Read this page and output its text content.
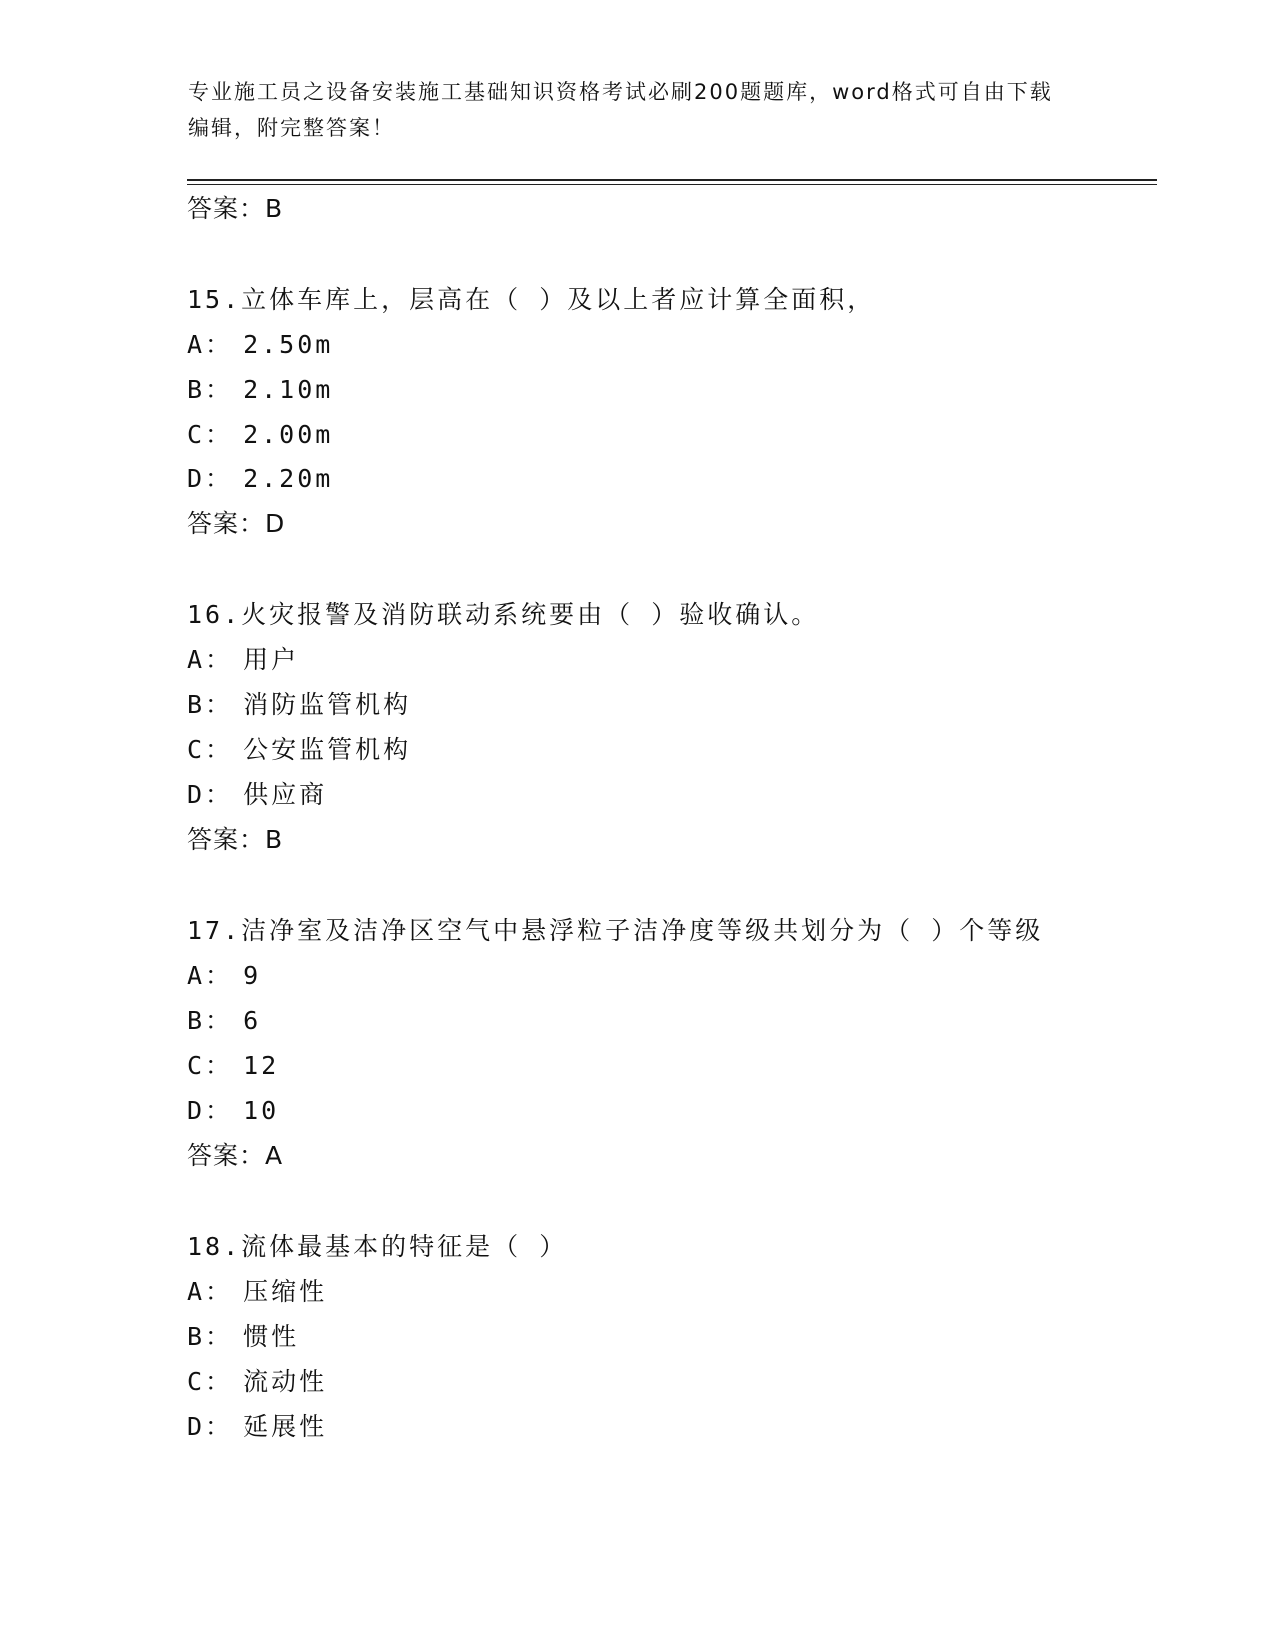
专业施工员之设备安装施工基础知识资格考试必刷200题题库，word格式可自由下载编辑，附完整答案！
答案：B
15.立体车库上，层高在（ ）及以上者应计算全面积，
A： 2.50m
B： 2.10m
C： 2.00m
D： 2.20m
答案：D
16.火灾报警及消防联动系统要由（ ）验收确认。
A： 用户
B： 消防监管机构
C： 公安监管机构
D： 供应商
答案：B
17.洁净室及洁净区空气中悬浮粒子洁净度等级共划分为（ ）个等级
A： 9
B： 6
C： 12
D： 10
答案：A
18.流体最基本的特征是（ ）
A： 压缩性
B： 惯性
C： 流动性
D： 延展性
